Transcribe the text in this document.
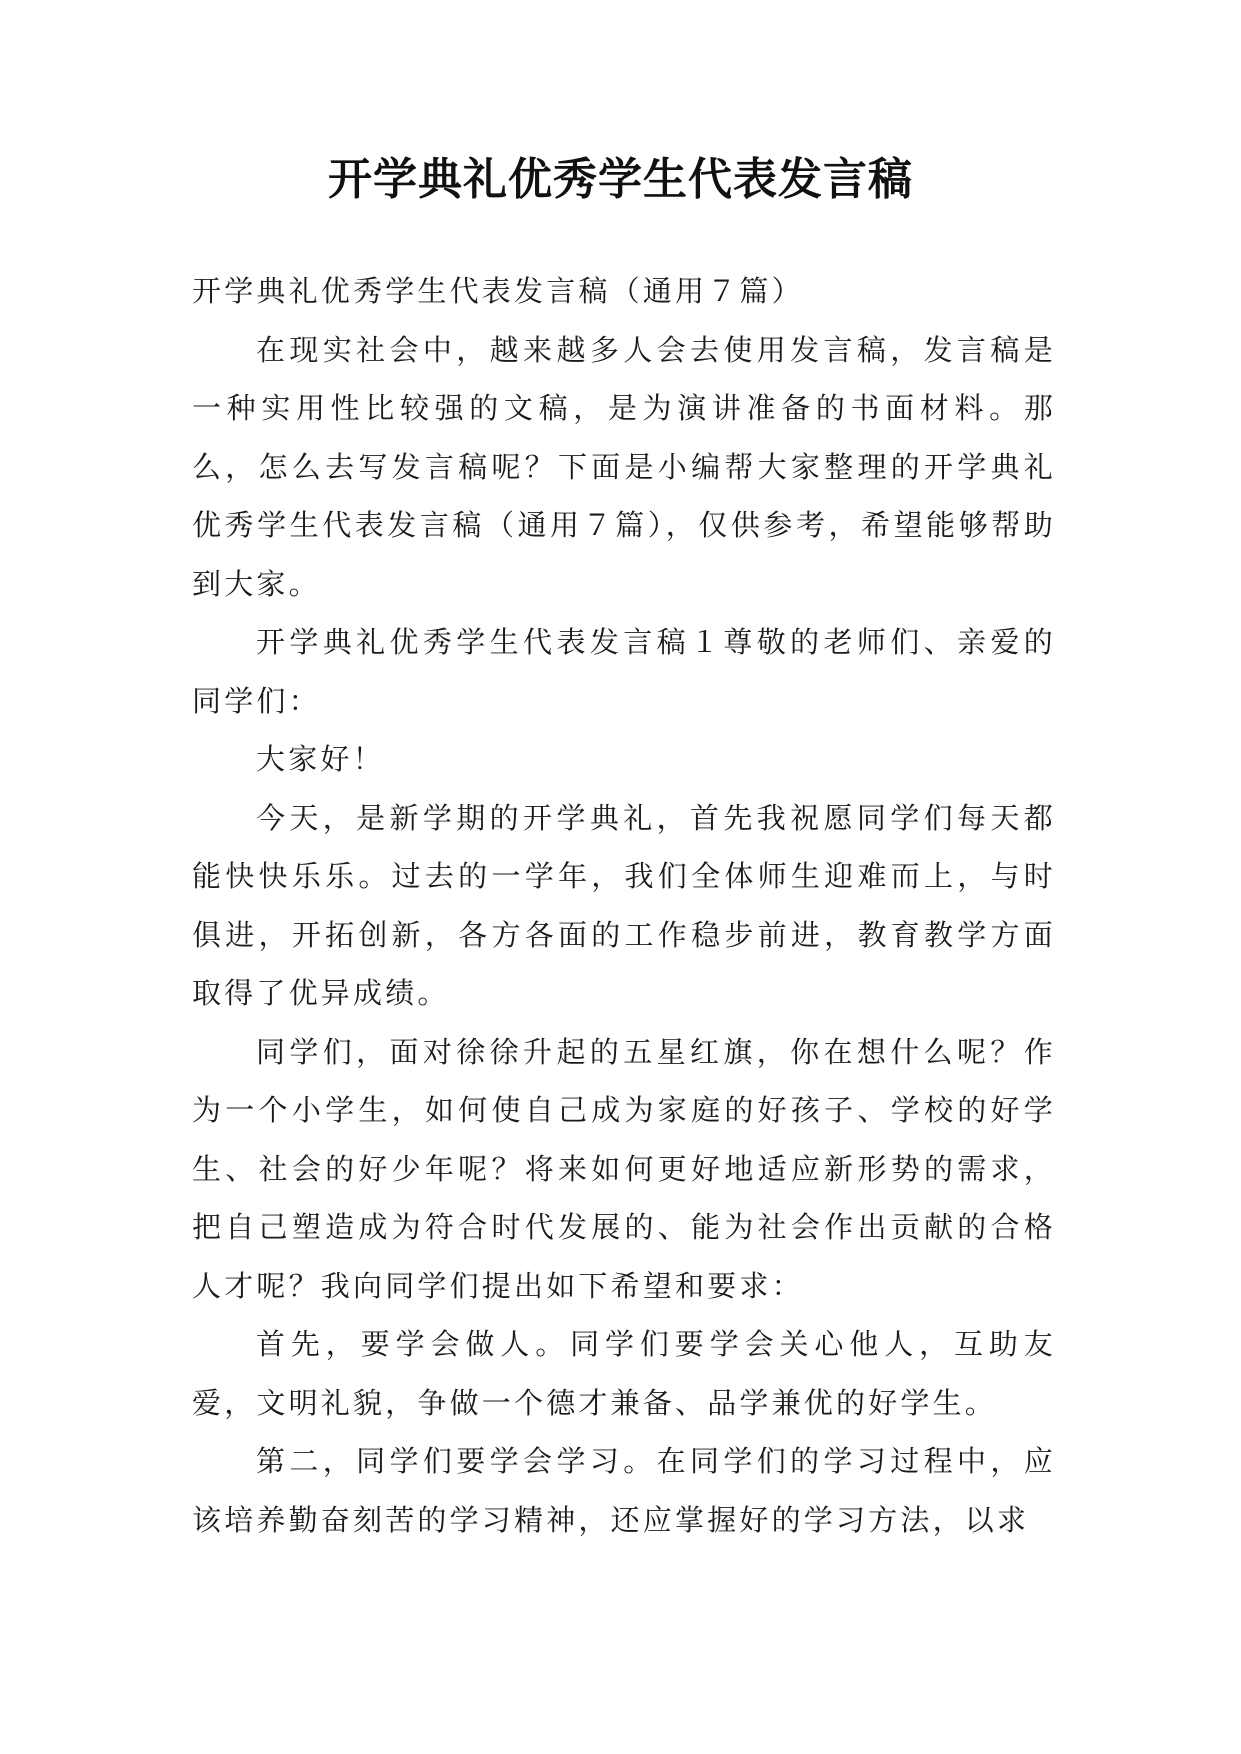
开学典礼优秀学生代表发言稿

开学典礼优秀学生代表发言稿（通用７篇）

在现实社会中，越来越多人会去使用发言稿，发言稿是一种实用性比较强的文稿，是为演讲准备的书面材料。那么，怎么去写发言稿呢？下面是小编帮大家整理的开学典礼优秀学生代表发言稿（通用７篇），仅供参考，希望能够帮助到大家。

开学典礼优秀学生代表发言稿１尊敬的老师们、亲爱的同学们：

大家好！

今天，是新学期的开学典礼，首先我祝愿同学们每天都能快快乐乐。过去的一学年，我们全体师生迎难而上，与时俱进，开拓创新，各方各面的工作稳步前进，教育教学方面取得了优异成绩。

同学们，面对徐徐升起的五星红旗，你在想什么呢？作为一个小学生，如何使自己成为家庭的好孩子、学校的好学生、社会的好少年呢？将来如何更好地适应新形势的需求，把自己塑造成为符合时代发展的、能为社会作出贡献的合格人才呢？我向同学们提出如下希望和要求：

首先，要学会做人。同学们要学会关心他人，互助友爱，文明礼貌，争做一个德才兼备、品学兼优的好学生。

第二，同学们要学会学习。在同学们的学习过程中，应该培养勤奋刻苦的学习精神，还应掌握好的学习方法，以求
